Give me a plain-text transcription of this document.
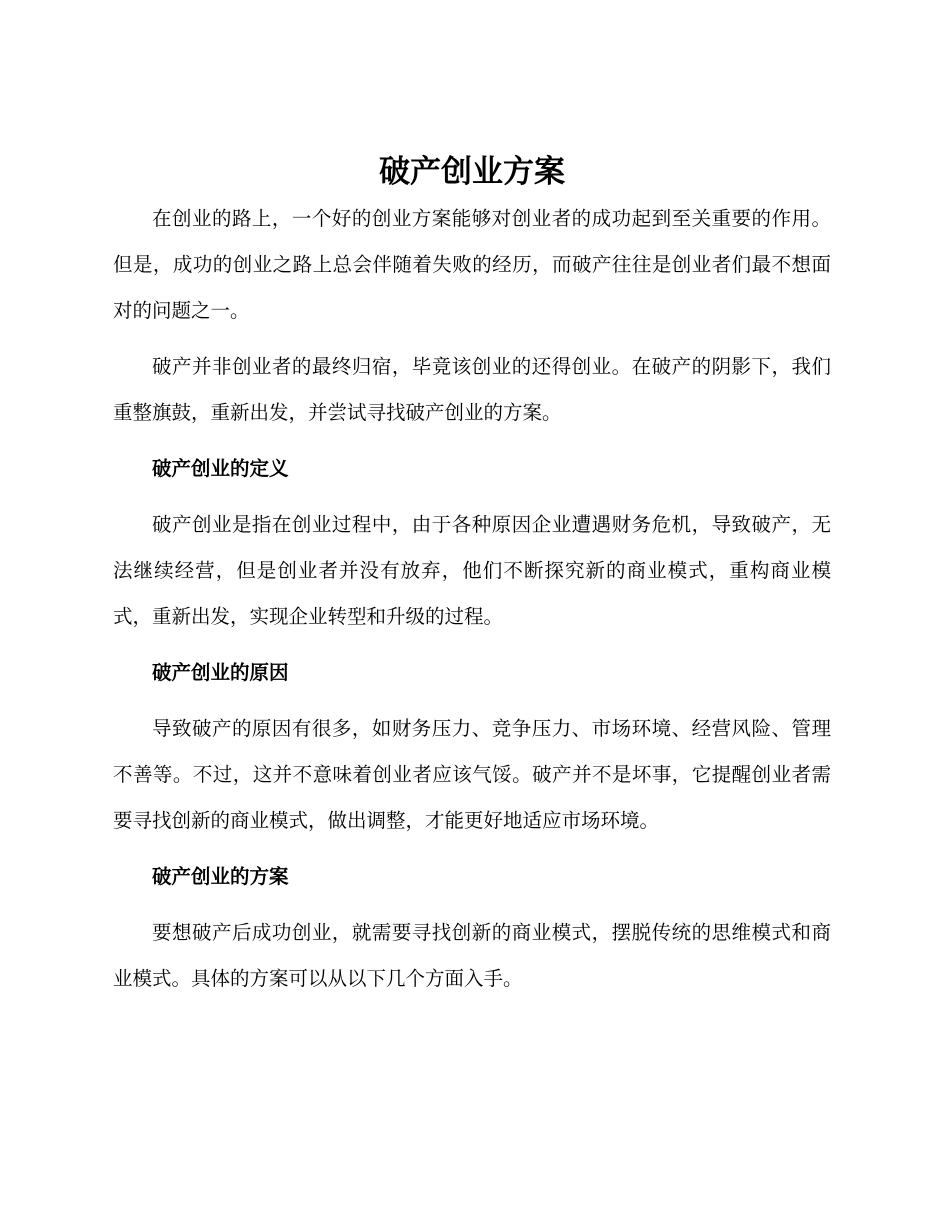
破产创业方案

在创业的路上，一个好的创业方案能够对创业者的成功起到至关重要的作用。但是，成功的创业之路上总会伴随着失败的经历，而破产往往是创业者们最不想面对的问题之一。

破产并非创业者的最终归宿，毕竟该创业的还得创业。在破产的阴影下，我们重整旗鼓，重新出发，并尝试寻找破产创业的方案。

破产创业的定义

破产创业是指在创业过程中，由于各种原因企业遭遇财务危机，导致破产，无法继续经营，但是创业者并没有放弃，他们不断探究新的商业模式，重构商业模式，重新出发，实现企业转型和升级的过程。

破产创业的原因

导致破产的原因有很多，如财务压力、竞争压力、市场环境、经营风险、管理不善等。不过，这并不意味着创业者应该气馁。破产并不是坏事，它提醒创业者需要寻找创新的商业模式，做出调整，才能更好地适应市场环境。

破产创业的方案

要想破产后成功创业，就需要寻找创新的商业模式，摆脱传统的思维模式和商业模式。具体的方案可以从以下几个方面入手。
